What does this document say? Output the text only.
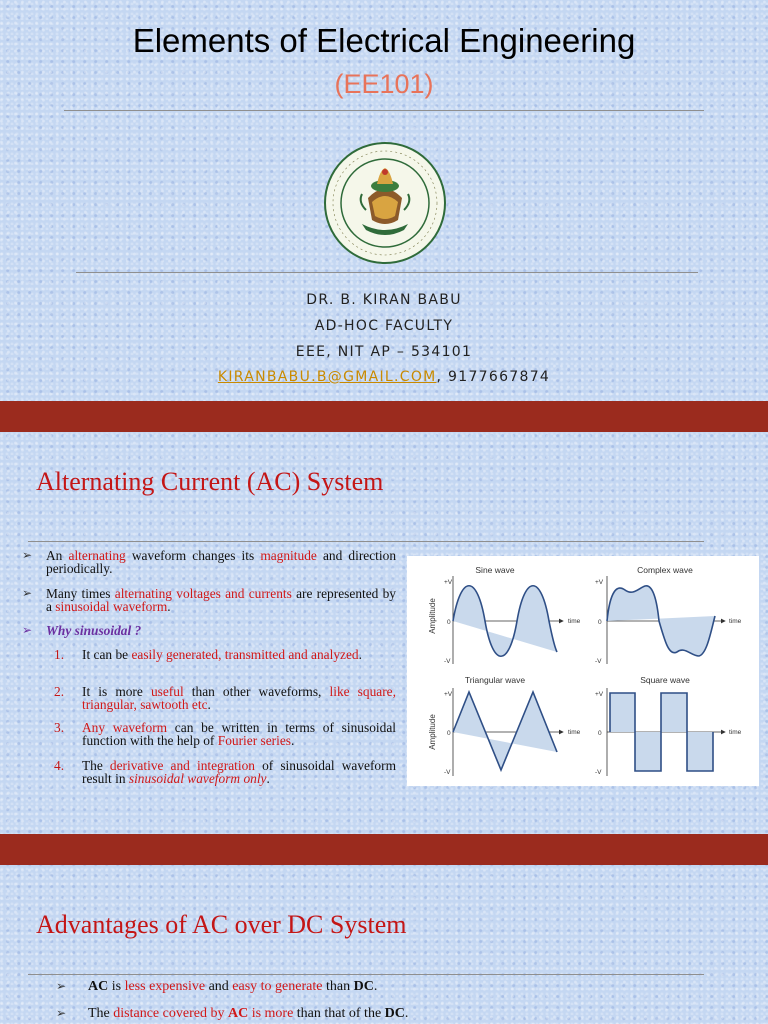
Elements of Electrical Engineering
(EE101)
DR. B. KIRAN BABU
AD-HOC FACULTY
EEE, NIT AP – 534101
KIRANBABU.B@GMAIL.COM, 9177667874
Alternating Current (AC) System
➢ An alternating waveform changes its magnitude and direction periodically.
➢ Many times alternating voltages and currents are represented by a sinusoidal waveform.
➢ Why sinusoidal ?
1. It can be easily generated, transmitted and analyzed.
2. It is more useful than other waveforms, like square, triangular, sawtooth etc.
3. Any waveform can be written in terms of sinusoidal function with the help of Fourier series.
4. The derivative and integration of sinusoidal waveform result in sinusoidal waveform only.
Sine wave
Amplitude
+V
0
-V
time
Complex wave
+V
0
-V
time
Triangular wave
Amplitude
+V
0
-V
time
Square wave
+V
0
-V
time
Advantages of AC over DC System
➢ AC is less expensive and easy to generate than DC.
➢ The distance covered by AC is more than that of the DC.
